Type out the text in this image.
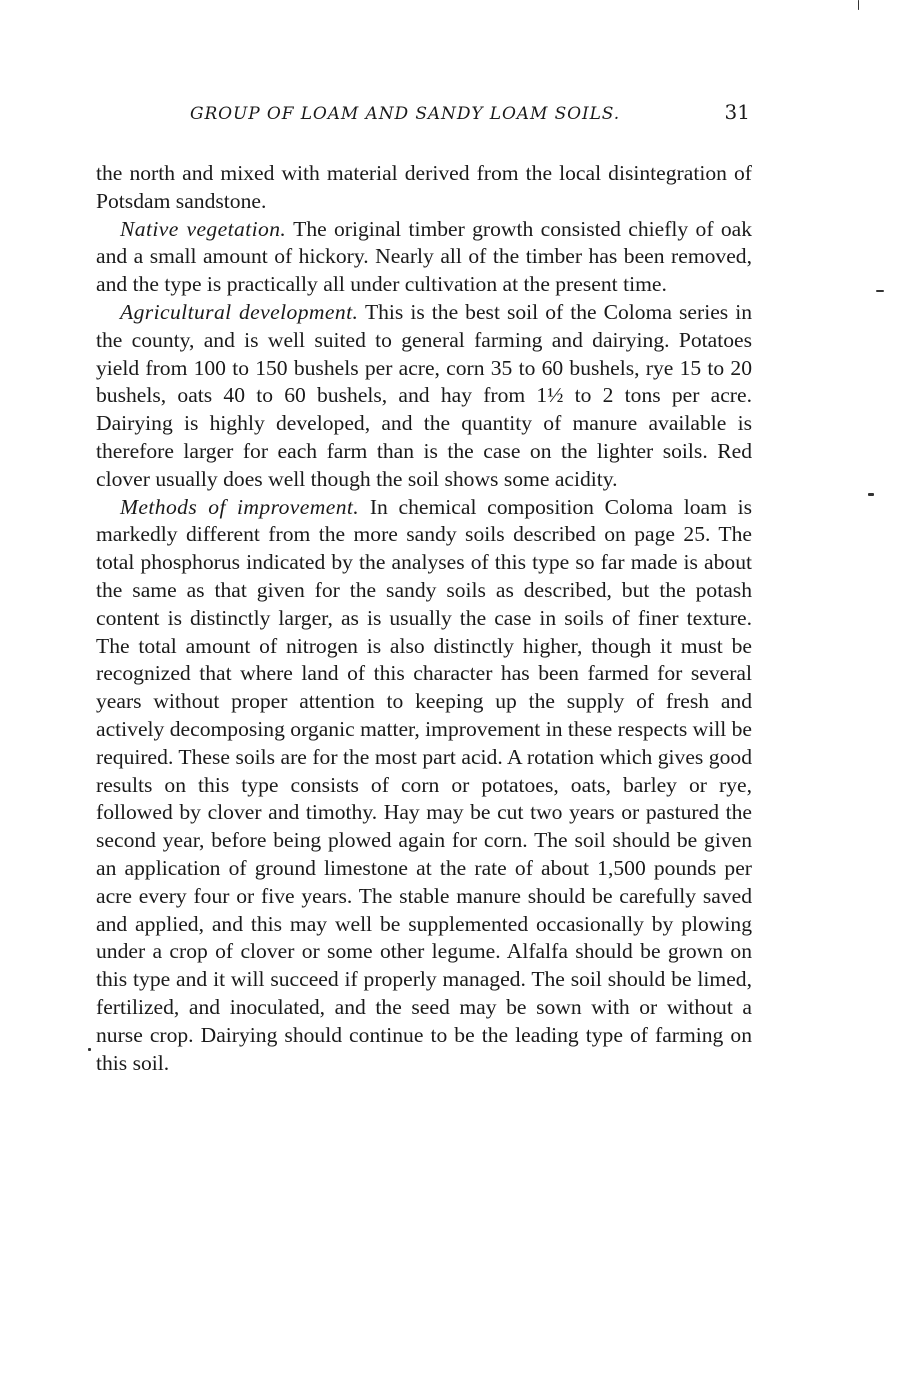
GROUP OF LOAM AND SANDY LOAM SOILS.	31

the north and mixed with material derived from the local disintegration of Potsdam sandstone.

Native vegetation. The original timber growth consisted chiefly of oak and a small amount of hickory. Nearly all of the timber has been removed, and the type is practically all under cultivation at the present time.

Agricultural development. This is the best soil of the Coloma series in the county, and is well suited to general farming and dairying. Potatoes yield from 100 to 150 bushels per acre, corn 35 to 60 bushels, rye 15 to 20 bushels, oats 40 to 60 bushels, and hay from 1½ to 2 tons per acre. Dairying is highly developed, and the quantity of manure available is therefore larger for each farm than is the case on the lighter soils. Red clover usually does well though the soil shows some acidity.

Methods of improvement. In chemical composition Coloma loam is markedly different from the more sandy soils described on page 25. The total phosphorus indicated by the analyses of this type so far made is about the same as that given for the sandy soils as described, but the potash content is distinctly larger, as is usually the case in soils of finer texture. The total amount of nitrogen is also distinctly higher, though it must be recognized that where land of this character has been farmed for several years without proper attention to keeping up the supply of fresh and actively decomposing organic matter, improvement in these respects will be required. These soils are for the most part acid. A rotation which gives good results on this type consists of corn or potatoes, oats, barley or rye, followed by clover and timothy. Hay may be cut two years or pastured the second year, before being plowed again for corn. The soil should be given an application of ground limestone at the rate of about 1,500 pounds per acre every four or five years. The stable manure should be carefully saved and applied, and this may well be supplemented occasionally by plowing under a crop of clover or some other legume. Alfalfa should be grown on this type and it will succeed if properly managed. The soil should be limed, fertilized, and inoculated, and the seed may be sown with or without a nurse crop. Dairying should continue to be the leading type of farming on this soil.
